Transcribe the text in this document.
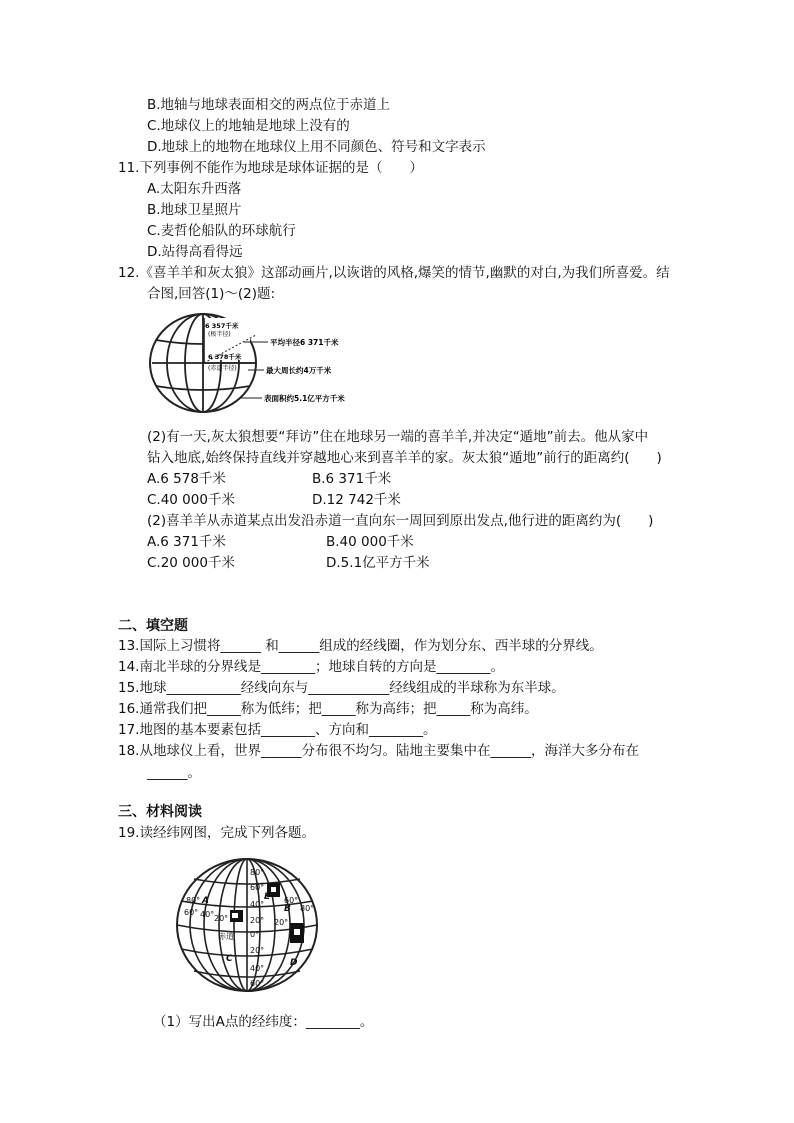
B.地轴与地球表面相交的两点位于赤道上
C.地球仪上的地轴是地球上没有的
D.地球上的地物在地球仪上用不同颜色、符号和文字表示
11.下列事例不能作为地球是球体证据的是（　　）
A.太阳东升西落
B.地球卫星照片
C.麦哲伦船队的环球航行
D.站得高看得远
12.《喜羊羊和灰太狼》这部动画片,以诙谐的风格,爆笑的情节,幽默的对白,为我们所喜爱。结
合图,回答(1)～(2)题:
6 357千米
(极半径)
6 378千米
(赤道半径)
平均半径6 371千米
最大周长约4万千米
表面积约5.1亿平方千米
(2)有一天,灰太狼想要“拜访”住在地球另一端的喜羊羊,并决定“遁地”前去。他从家中
钻入地底,始终保持直线并穿越地心来到喜羊羊的家。灰太狼“遁地”前行的距离约(　　)
A.6 578千米	B.6 371千米
C.40 000千米	D.12 742千米
(2)喜羊羊从赤道某点出发沿赤道一直向东一周回到原出发点,他行进的距离约为(　　)
A.6 371千米	B.40 000千米
C.20 000千米	D.5.1亿平方千米
二、填空题
13.国际上习惯将______ 和______组成的经线圈，作为划分东、西半球的分界线。
14.南北半球的分界线是________；地球自转的方向是________。
15.地球___________经线向东与____________经线组成的半球称为东半球。
16.通常我们把_____称为低纬；把_____称为高纬；把_____称为高纬。
17.地图的基本要素包括________、方向和________。
18.从地球仪上看，世界______分布很不均匀。陆地主要集中在______，海洋大多分布在
______。
三、材料阅读
19.读经纬网图，完成下列各题。
80°
60°
40°
20°
0°
20°
40°
60°
80°
60° 40° 20°
60°
80°
20°
A
B
C	D
E
赤道
（1）写出A点的经纬度：________。
